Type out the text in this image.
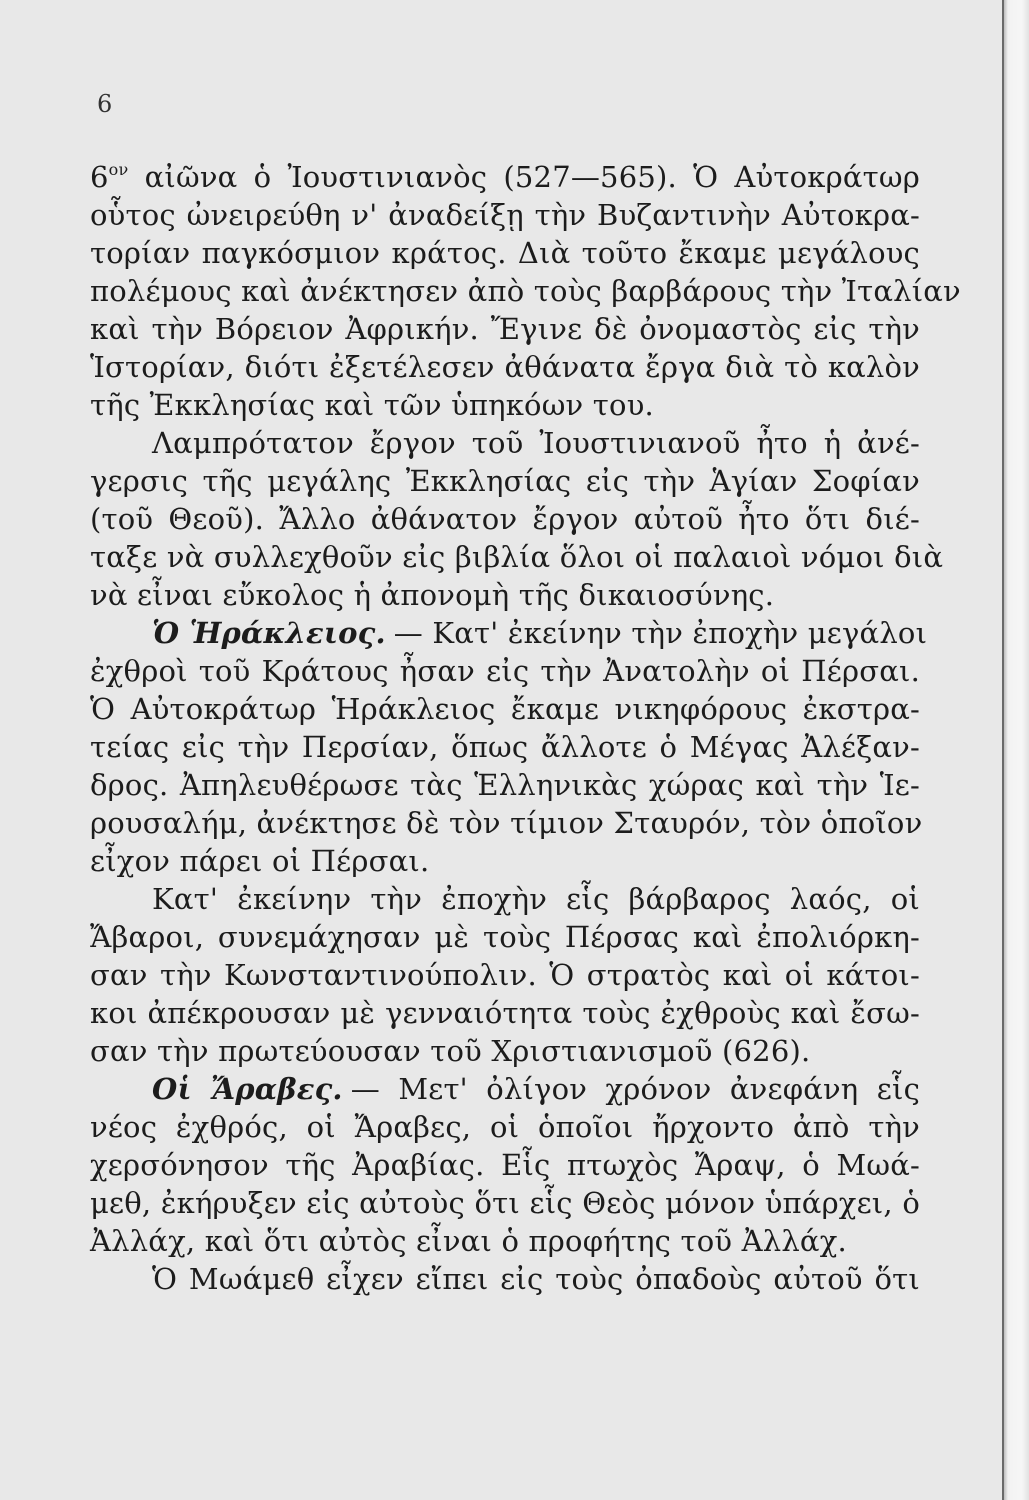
6
$6^{o\nu}$ αἰῶνα ὁ Ἰουστινιανὸς (527—565). Ὁ Αὐτοκράτωρ
οὗτος ὠνειρεύθη ν' ἀναδείξῃ τὴν Βυζαντινὴν Αὐτοκρα-
τορίαν παγκόσμιον κράτος. Διὰ τοῦτο ἔκαμε μεγάλους
πολέμους καὶ ἀνέκτησεν ἀπὸ τοὺς βαρβάρους τὴν Ἰταλίαν
καὶ τὴν Βόρειον Ἀφρικήν. Ἔγινε δὲ ὀνομαστὸς εἰς τὴν
Ἱστορίαν, διότι ἐξετέλεσεν ἀθάνατα ἔργα διὰ τὸ καλὸν
τῆς Ἐκκλησίας καὶ τῶν ὑπηκόων του.
Λαμπρότατον ἔργον τοῦ Ἰουστινιανοῦ ἦτο ἡ ἀνέ-
γερσις τῆς μεγάλης Ἐκκλησίας εἰς τὴν Ἁγίαν Σοφίαν
(τοῦ Θεοῦ). Ἄλλο ἀθάνατον ἔργον αὐτοῦ ἦτο ὅτι διέ-
ταξε νὰ συλλεχθοῦν εἰς βιβλία ὅλοι οἱ παλαιοὶ νόμοι διὰ
νὰ εἶναι εὔκολος ἡ ἀπονομὴ τῆς δικαιοσύνης.
Ὁ Ἡράκλειος. — Κατ' ἐκείνην τὴν ἐποχὴν μεγάλοι
ἐχθροὶ τοῦ Κράτους ἦσαν εἰς τὴν Ἀνατολὴν οἱ Πέρσαι.
Ὁ Αὐτοκράτωρ Ἡράκλειος ἔκαμε νικηφόρους ἐκστρα-
τείας εἰς τὴν Περσίαν, ὅπως ἄλλοτε ὁ Μέγας Ἀλέξαν-
δρος. Ἀπηλευθέρωσε τὰς Ἑλληνικὰς χώρας καὶ τὴν Ἱε-
ρουσαλήμ, ἀνέκτησε δὲ τὸν τίμιον Σταυρόν, τὸν ὁποῖον
εἶχον πάρει οἱ Πέρσαι.
Κατ' ἐκείνην τὴν ἐποχὴν εἷς βάρβαρος λαός, οἱ
Ἄβαροι, συνεμάχησαν μὲ τοὺς Πέρσας καὶ ἐπολιόρκη-
σαν τὴν Κωνσταντινούπολιν. Ὁ στρατὸς καὶ οἱ κάτοι-
κοι ἀπέκρουσαν μὲ γενναιότητα τοὺς ἐχθροὺς καὶ ἔσω-
σαν τὴν πρωτεύουσαν τοῦ Χριστιανισμοῦ (626).
Οἱ Ἄραβες. — Μετ' ὀλίγον χρόνον ἀνεφάνη εἷς
νέος ἐχθρός, οἱ Ἄραβες, οἱ ὁποῖοι ἤρχοντο ἀπὸ τὴν
χερσόνησον τῆς Ἀραβίας. Εἷς πτωχὸς Ἄραψ, ὁ Μωά-
μεθ, ἐκήρυξεν εἰς αὐτοὺς ὅτι εἷς Θεὸς μόνον ὑπάρχει, ὁ
Ἀλλάχ, καὶ ὅτι αὐτὸς εἶναι ὁ προφήτης τοῦ Ἀλλάχ.
Ὁ Μωάμεθ εἶχεν εἴπει εἰς τοὺς ὀπαδοὺς αὐτοῦ ὅτι
